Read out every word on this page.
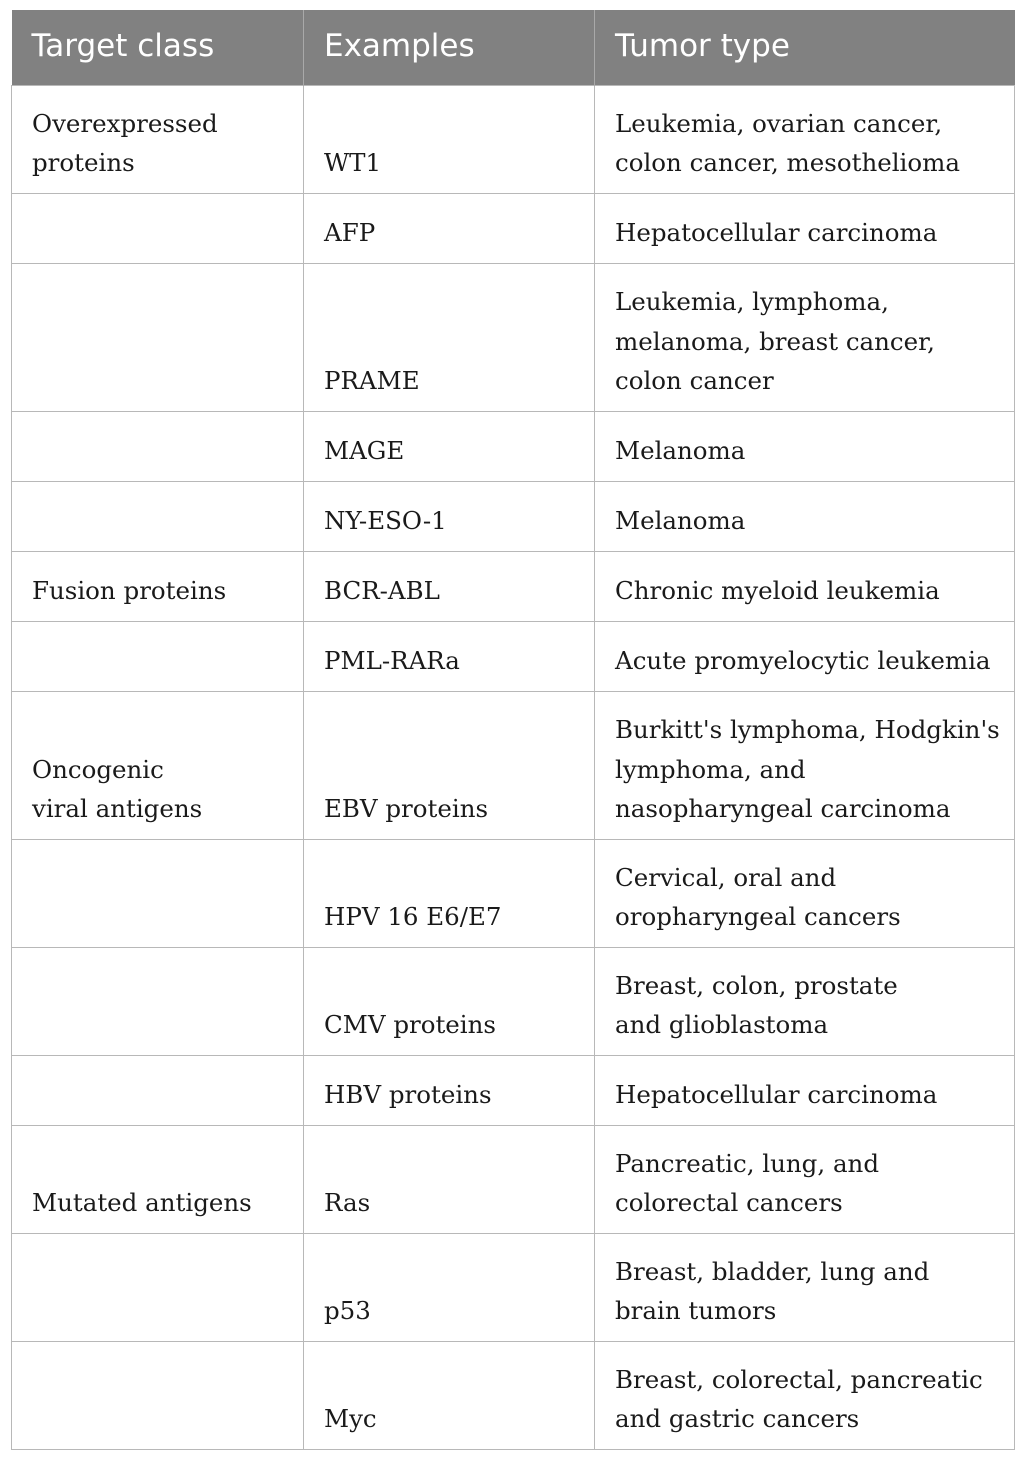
Target class	Examples	Tumor type
Overexpressed
proteins	WT1	Leukemia, ovarian cancer,
colon cancer, mesothelioma
	AFP	Hepatocellular carcinoma
	PRAME	Leukemia, lymphoma,
melanoma, breast cancer,
colon cancer
	MAGE	Melanoma
	NY-ESO-1	Melanoma
Fusion proteins	BCR-ABL	Chronic myeloid leukemia
	PML-RARa	Acute promyelocytic leukemia
Oncogenic
viral antigens	EBV proteins	Burkitt's lymphoma, Hodgkin's
lymphoma, and
nasopharyngeal carcinoma
	HPV 16 E6/E7	Cervical, oral and
oropharyngeal cancers
	CMV proteins	Breast, colon, prostate
and glioblastoma
	HBV proteins	Hepatocellular carcinoma
Mutated antigens	Ras	Pancreatic, lung, and
colorectal cancers
	p53	Breast, bladder, lung and
brain tumors
	Myc	Breast, colorectal, pancreatic
and gastric cancers
